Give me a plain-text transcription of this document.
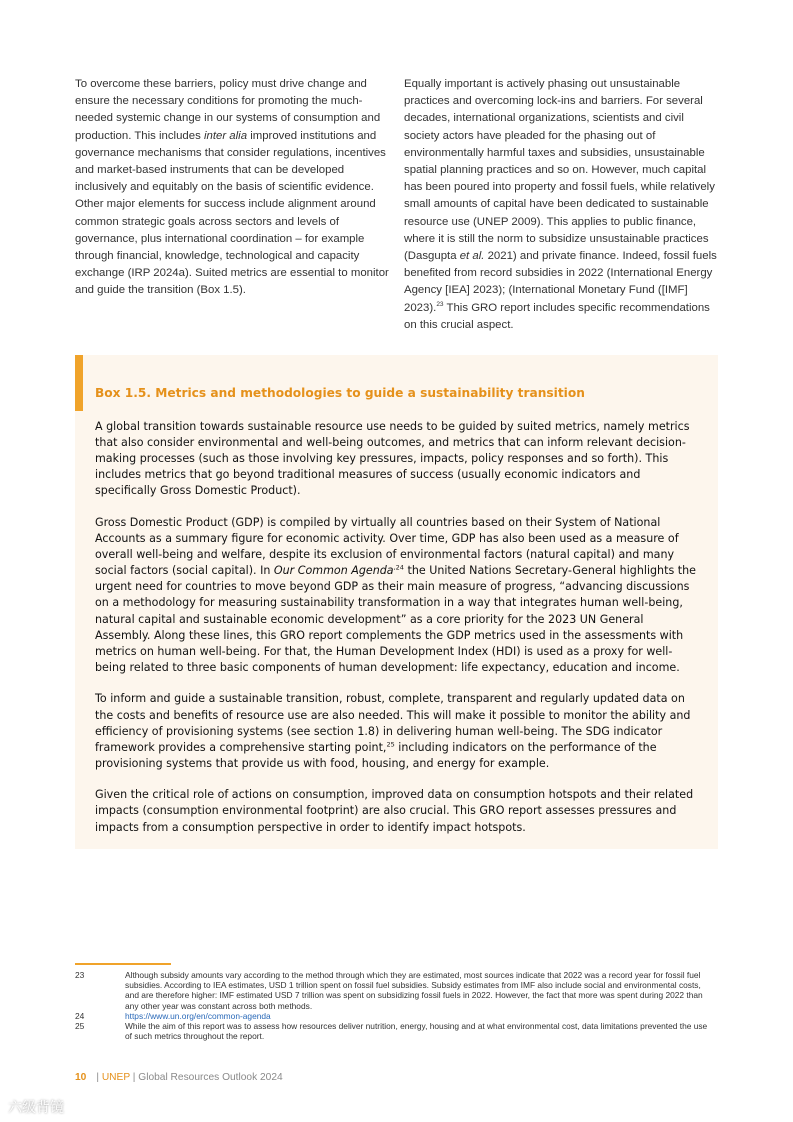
To overcome these barriers, policy must drive change and ensure the necessary conditions for promoting the much-needed systemic change in our systems of consumption and production. This includes inter alia improved institutions and governance mechanisms that consider regulations, incentives and market-based instruments that can be developed inclusively and equitably on the basis of scientific evidence. Other major elements for success include alignment around common strategic goals across sectors and levels of governance, plus international coordination – for example through financial, knowledge, technological and capacity exchange (IRP 2024a). Suited metrics are essential to monitor and guide the transition (Box 1.5).

Equally important is actively phasing out unsustainable practices and overcoming lock-ins and barriers. For several decades, international organizations, scientists and civil society actors have pleaded for the phasing out of environmentally harmful taxes and subsidies, unsustainable spatial planning practices and so on. However, much capital has been poured into property and fossil fuels, while relatively small amounts of capital have been dedicated to sustainable resource use (UNEP 2009). This applies to public finance, where it is still the norm to subsidize unsustainable practices (Dasgupta et al. 2021) and private finance. Indeed, fossil fuels benefited from record subsidies in 2022 (International Energy Agency [IEA] 2023); (International Monetary Fund ([IMF] 2023).$^{23}$ This GRO report includes specific recommendations on this crucial aspect.

Box 1.5. Metrics and methodologies to guide a sustainability transition

A global transition towards sustainable resource use needs to be guided by suited metrics, namely metrics that also consider environmental and well-being outcomes, and metrics that can inform relevant decision-making processes (such as those involving key pressures, impacts, policy responses and so forth). This includes metrics that go beyond traditional measures of success (usually economic indicators and specifically Gross Domestic Product).

Gross Domestic Product (GDP) is compiled by virtually all countries based on their System of National Accounts as a summary figure for economic activity. Over time, GDP has also been used as a measure of overall well-being and welfare, despite its exclusion of environmental factors (natural capital) and many social factors (social capital). In Our Common Agenda$^{,24}$ the United Nations Secretary-General highlights the urgent need for countries to move beyond GDP as their main measure of progress, “advancing discussions on a methodology for measuring sustainability transformation in a way that integrates human well-being, natural capital and sustainable economic development” as a core priority for the 2023 UN General Assembly. Along these lines, this GRO report complements the GDP metrics used in the assessments with metrics on human well-being. For that, the Human Development Index (HDI) is used as a proxy for well-being related to three basic components of human development: life expectancy, education and income.

To inform and guide a sustainable transition, robust, complete, transparent and regularly updated data on the costs and benefits of resource use are also needed. This will make it possible to monitor the ability and efficiency of provisioning systems (see section 1.8) in delivering human well-being. The SDG indicator framework provides a comprehensive starting point,$^{25}$ including indicators on the performance of the provisioning systems that provide us with food, housing, and energy for example.

Given the critical role of actions on consumption, improved data on consumption hotspots and their related impacts (consumption environmental footprint) are also crucial. This GRO report assesses pressures and impacts from a consumption perspective in order to identify impact hotspots.

23	Although subsidy amounts vary according to the method through which they are estimated, most sources indicate that 2022 was a record year for fossil fuel subsidies. According to IEA estimates, USD 1 trillion spent on fossil fuel subsidies. Subsidy estimates from IMF also include social and environmental costs, and are therefore higher: IMF estimated USD 7 trillion was spent on subsidizing fossil fuels in 2022. However, the fact that more was spent during 2022 than any other year was constant across both methods.
24	https://www.un.org/en/common-agenda
25	While the aim of this report was to assess how resources deliver nutrition, energy, housing and at what environmental cost, data limitations prevented the use of such metrics throughout the report.
10 | UNEP | Global Resources Outlook 2024
六级背镜
